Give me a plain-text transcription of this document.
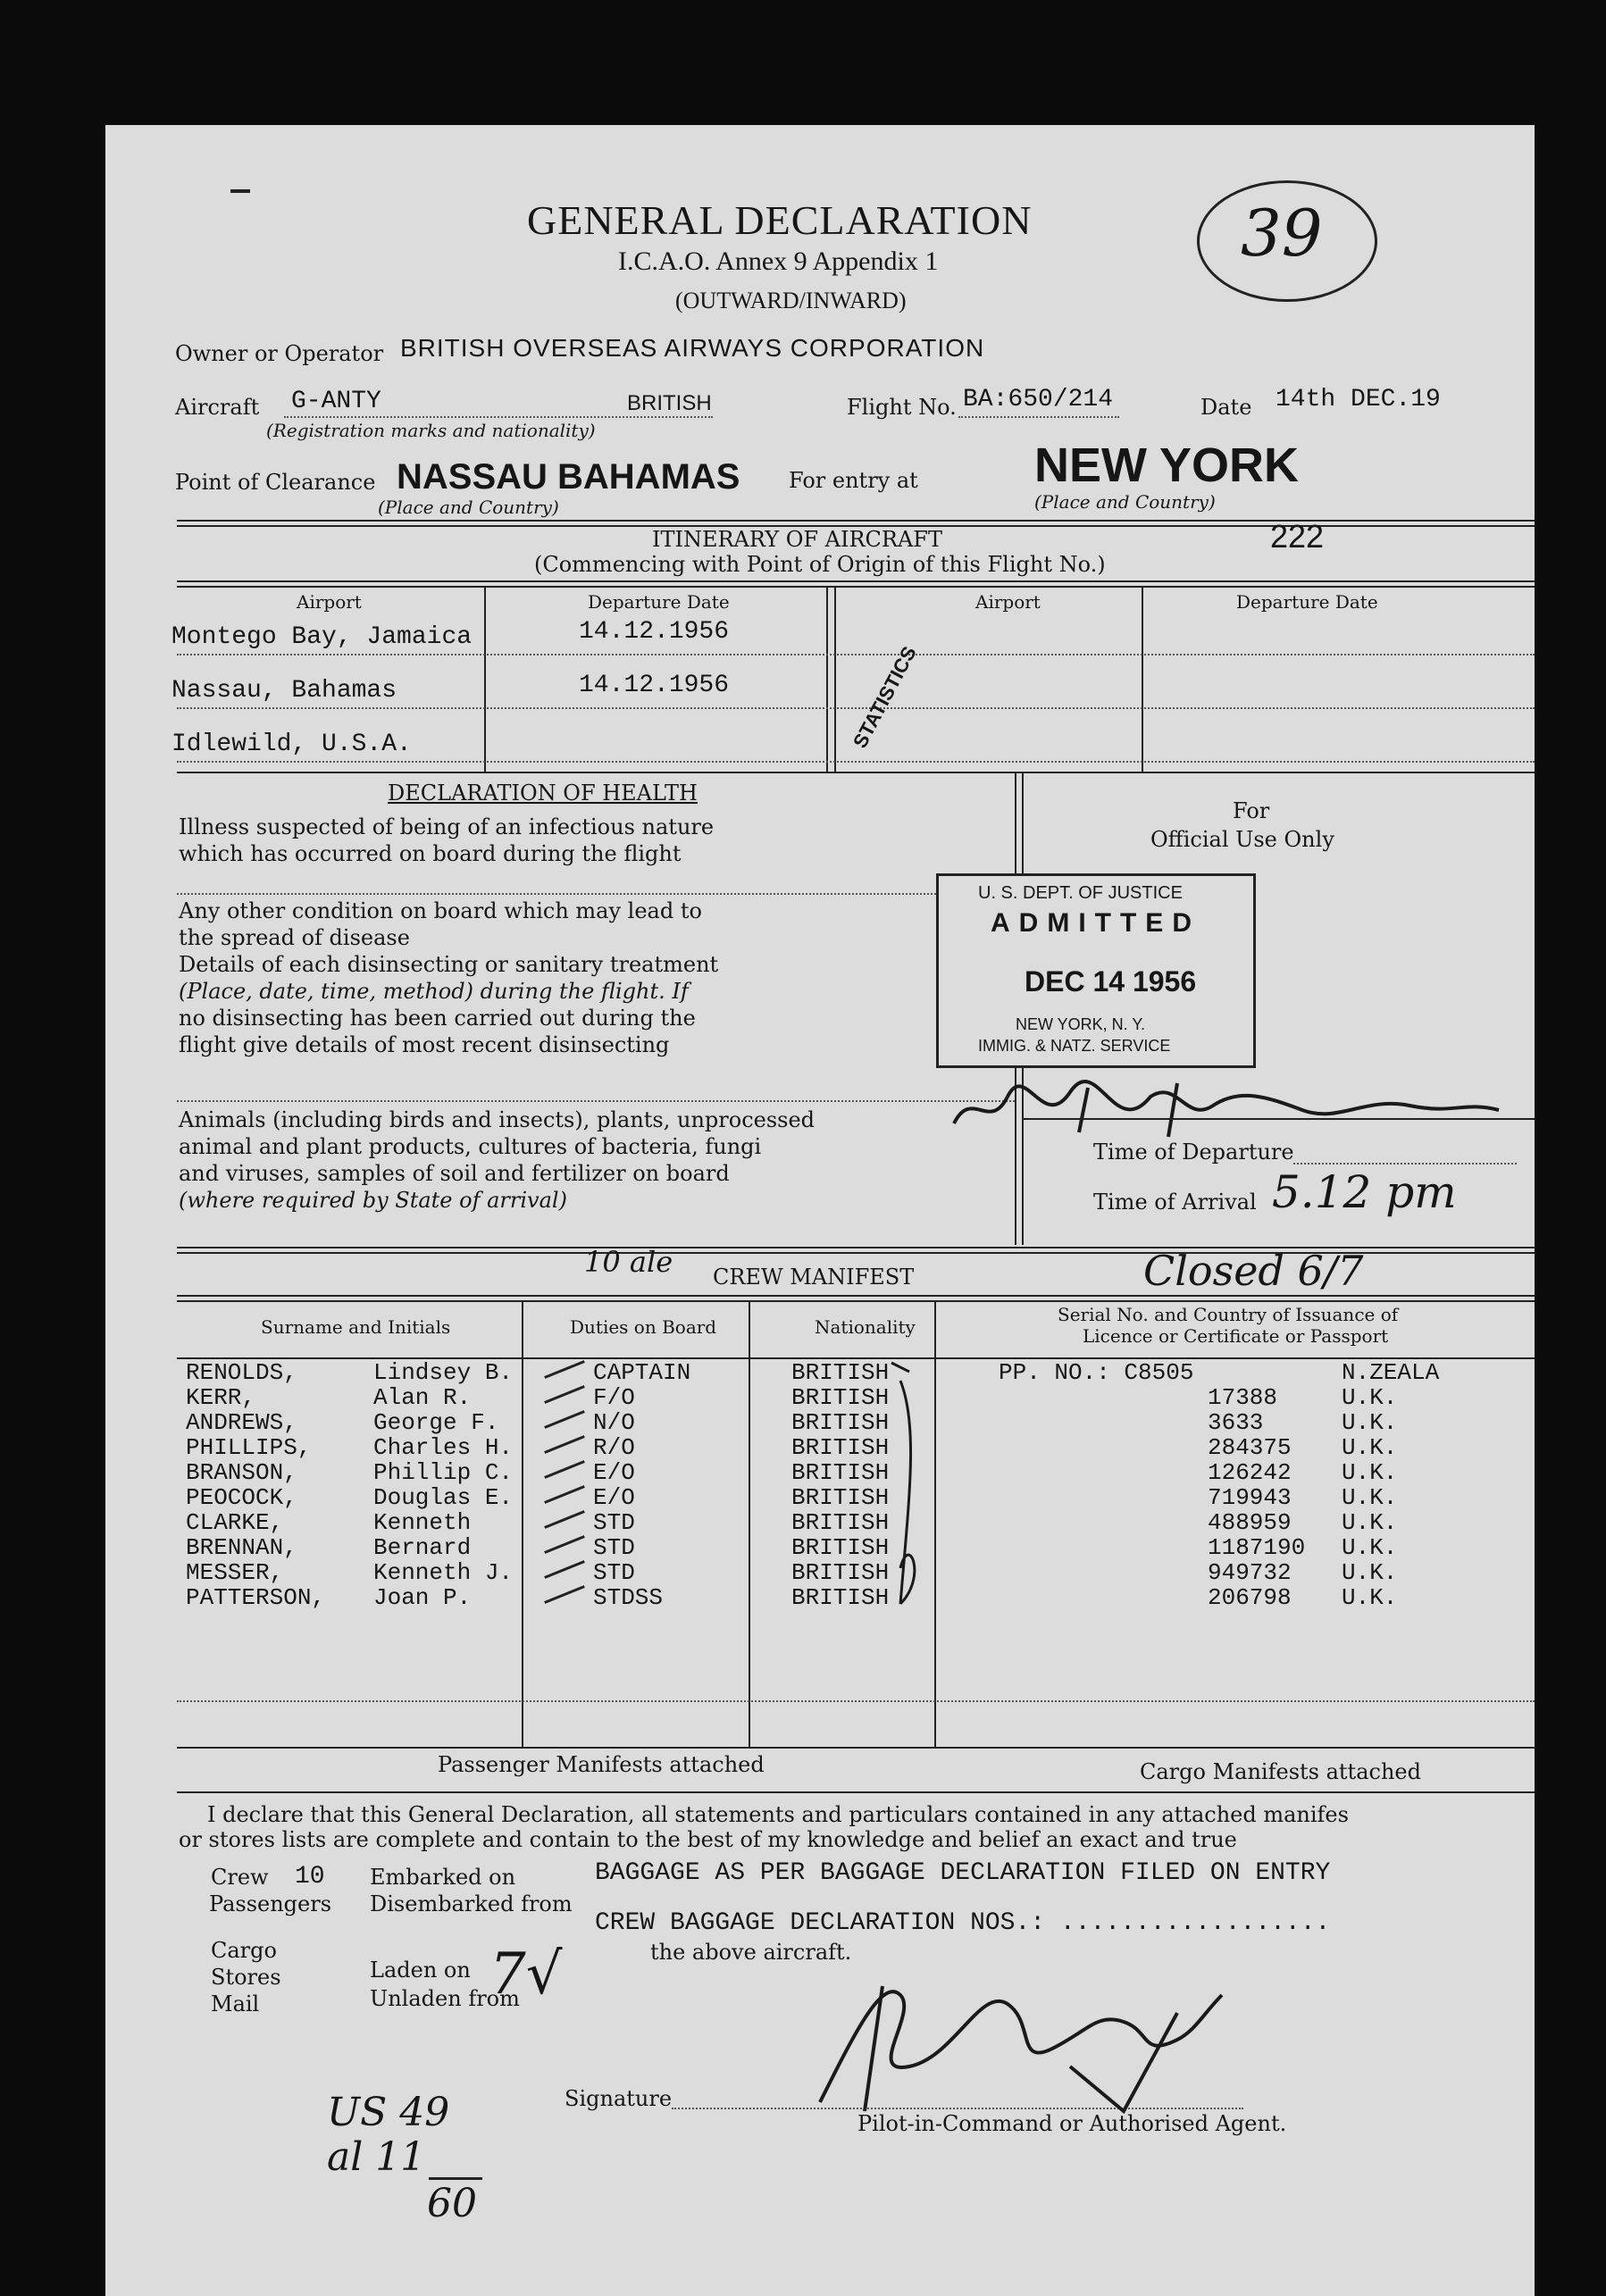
GENERAL DECLARATION
I.C.A.O. Annex 9 Appendix 1
(OUTWARD/INWARD)
39
Owner or Operator BRITISH OVERSEAS AIRWAYS CORPORATION
Aircraft G-ANTY	BRITISH
(Registration marks and nationality)
Flight No. BA:650/214	Date 14th DEC.19
Point of Clearance NASSAU BAHAMAS
(Place and Country)
For entry at NEW YORK
(Place and Country)
ITINERARY OF AIRCRAFT
(Commencing with Point of Origin of this Flight No.)
222
Airport	Departure Date	Airport	Departure Date
Montego Bay, Jamaica	14.12.1956
Nassau, Bahamas	14.12.1956
Idlewild, U.S.A.	STATISTICS
DECLARATION OF HEALTH
Illness suspected of being of an infectious nature
which has occurred on board during the flight
Any other condition on board which may lead to
the spread of disease
Details of each disinsecting or sanitary treatment
(Place, date, time, method) during the flight. If
no disinsecting has been carried out during the
flight give details of most recent disinsecting
Animals (including birds and insects), plants, unprocessed
animal and plant products, cultures of bacteria, fungi
and viruses, samples of soil and fertilizer on board
(where required by State of arrival)
For
Official Use Only
U. S. DEPT. OF JUSTICE
ADMITTED
DEC 14 1956
NEW YORK, N. Y.
IMMIG. & NATZ. SERVICE
Time of Departure
Time of Arrival 5.12 pm
Closed 6/7
10 ale CREW MANIFEST
Surname and Initials	Duties on Board	Nationality
Serial No. and Country of Issuance of
Licence or Certificate or Passport
RENOLDS,	Lindsey B.	CAPTAIN	BRITISH	PP. NO.: C8505	N.ZEALA
KERR,	Alan R.	F/O	BRITISH	17388	U.K.
ANDREWS,	George F.	N/O	BRITISH	3633	U.K.
PHILLIPS,	Charles H.	R/O	BRITISH	284375 U.K.
BRANSON,	Phillip C.	E/O	BRITISH	126242 U.K.
PEOCOCK,	Douglas E.	E/O	BRITISH	719943 U.K.
CLARKE,	Kenneth	STD	BRITISH	488959 U.K.
BRENNAN,	Bernard	STD	BRITISH	1187190 U.K.
MESSER,	Kenneth J.	STD	BRITISH	949732 U.K.
PATTERSON, Joan P.	STDSS	BRITISH	206798 U.K.
Passenger Manifests attached	Cargo Manifests attached
I declare that this General Declaration, all statements and particulars contained in any attached manifes
or stores lists are complete and contain to the best of my knowledge and belief an exact and true
Crew 10
Passengers
Embarked on
Disembarked from
BAGGAGE AS PER BAGGAGE DECLARATION FILED ON ENTRY
CREW BAGGAGE DECLARATION NOS.: ..................
Cargo
Stores
Mail
Laden on
Unladen from
7√	the above aircraft.
Signature
Pilot-in-Command or Authorised Agent.
US 49
al 11
60
